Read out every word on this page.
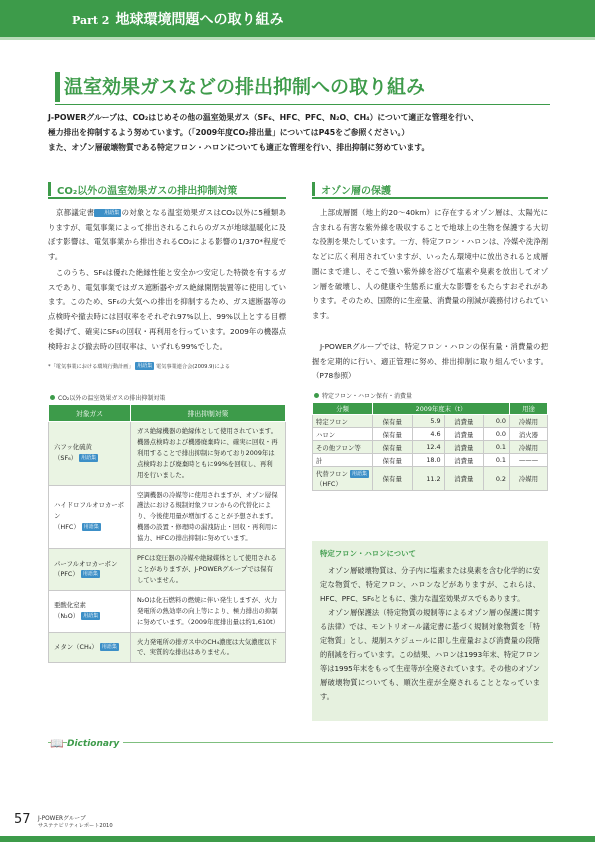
Part 2 地球環境問題への取り組み
温室効果ガスなどの排出抑制への取り組み
J-POWERグループは、CO₂はじめその他の温室効果ガス（SF₆、HFC、PFC、N₂O、CH₄）について適正な管理を行い、
極力排出を抑制するよう努めています。（「2009年度CO₂排出量」についてはP45をご参照ください。）
また、オゾン層破壊物質である特定フロン・ハロンについても適正な管理を行い、排出抑制に努めています。
CO₂以外の温室効果ガスの排出抑制対策
京都議定書 用語集 の対象となる温室効果ガスはCO₂以外に5種類ありますが、電気事業によって排出されるこれらのガスが地球温暖化に及ぼす影響は、電気事業から排出されるCO₂による影響の1/370*程度です。
このうち、SF₆は優れた絶縁性能と安全かつ安定した特徴を有するガスであり、電気事業ではガス遮断器やガス絶縁開閉装置等に使用しています。このため、SF₆の大気への排出を抑制するため、ガス遮断器等の点検時や撤去時には回収率をそれぞれ97%以上、99%以上とする目標を掲げて、確実にSF₆の回収・再利用を行っています。2009年の機器点検時および撤去時の回収率は、いずれも99%でした。
*「電気事業における環境行動計画」 用語集 電気事業連合会(2009.9)による
CO₂以外の温室効果ガスの排出抑制対策
対象ガス	排出抑制対策
六フッ化硫黄
（SF₆） 用語集	ガス絶縁機器の絶縁体として使用されています。機器点検時および機器廃棄時に、確実に回収・再利用することで排出抑制に努めており2009年は点検時および廃棄時ともに99%を回収し、再利用を行いました。
ハイドロフルオロカーボン
（HFC） 用語集	空調機器の冷媒等に使用されますが、オゾン層保護法における規制対象フロンからの代替化により、今後使用量が増加することが予想されます。機器の設置・修理時の漏洩防止・回収・再利用に協力、HFCの排出抑制に努めています。
パーフルオロカーボン
（PFC） 用語集	PFCは変圧器の冷媒や絶縁媒体として使用されることがありますが、J-POWERグループでは保有していません。
亜酸化窒素
（N₂O） 用語集	N₂Oは化石燃料の燃焼に伴い発生しますが、火力発電所の熱効率の向上等により、極力排出の抑制に努めています。（2009年度排出量は約1,610t）
メタン（CH₄） 用語集	火力発電所の排ガス中のCH₄濃度は大気濃度以下で、実質的な排出はありません。
オゾン層の保護
上部成層圏（地上約20〜40km）に存在するオゾン層は、太陽光に含まれる有害な紫外線を吸収することで地球上の生物を保護する大切な役割を果たしています。一方、特定フロン・ハロンは、冷媒や洗浄剤などに広く利用されていますが、いったん環境中に放出されると成層圏にまで達し、そこで強い紫外線を浴びて塩素や臭素を放出してオゾン層を破壊し、人の健康や生態系に重大な影響をもたらすおそれがあります。そのため、国際的に生産量、消費量の削減が義務付けられています。
J-POWERグループでは、特定フロン・ハロンの保有量・消費量の把握を定期的に行い、適正管理に努め、排出抑制に取り組んでいます。（P78参照）
特定フロン・ハロン保有・消費量
分類	2009年度末（t）				用途
特定フロン	保有量	5.9	消費量	0.0	冷媒用
ハロン	保有量	4.6	消費量	0.0	消火器
その他フロン等	保有量	12.4	消費量	0.1	冷媒用
計	保有量	18.0	消費量	0.1	———
代替フロン 用語集
（HFC）	保有量	11.2	消費量	0.2	冷媒用
特定フロン・ハロンについて
オゾン層破壊物質は、分子内に塩素または臭素を含む化学的に安定な物質で、特定フロン、ハロンなどがありますが、これらは、HFC、PFC、SF₆とともに、強力な温室効果ガスでもあります。
オゾン層保護法（特定物質の規制等によるオゾン層の保護に関する法律）では、モントリオール議定書に基づく規制対象物質を「特定物質」とし、規制スケジュールに即し生産量および消費量の段階的削減を行っています。この結果、ハロンは1993年末、特定フロン等は1995年末をもって生産等が全廃されています。その他のオゾン層破壊物質についても、順次生産が全廃されることとなっています。
📖 Dictionary
57 J-POWERグループ
サステナビリティレポート2010
